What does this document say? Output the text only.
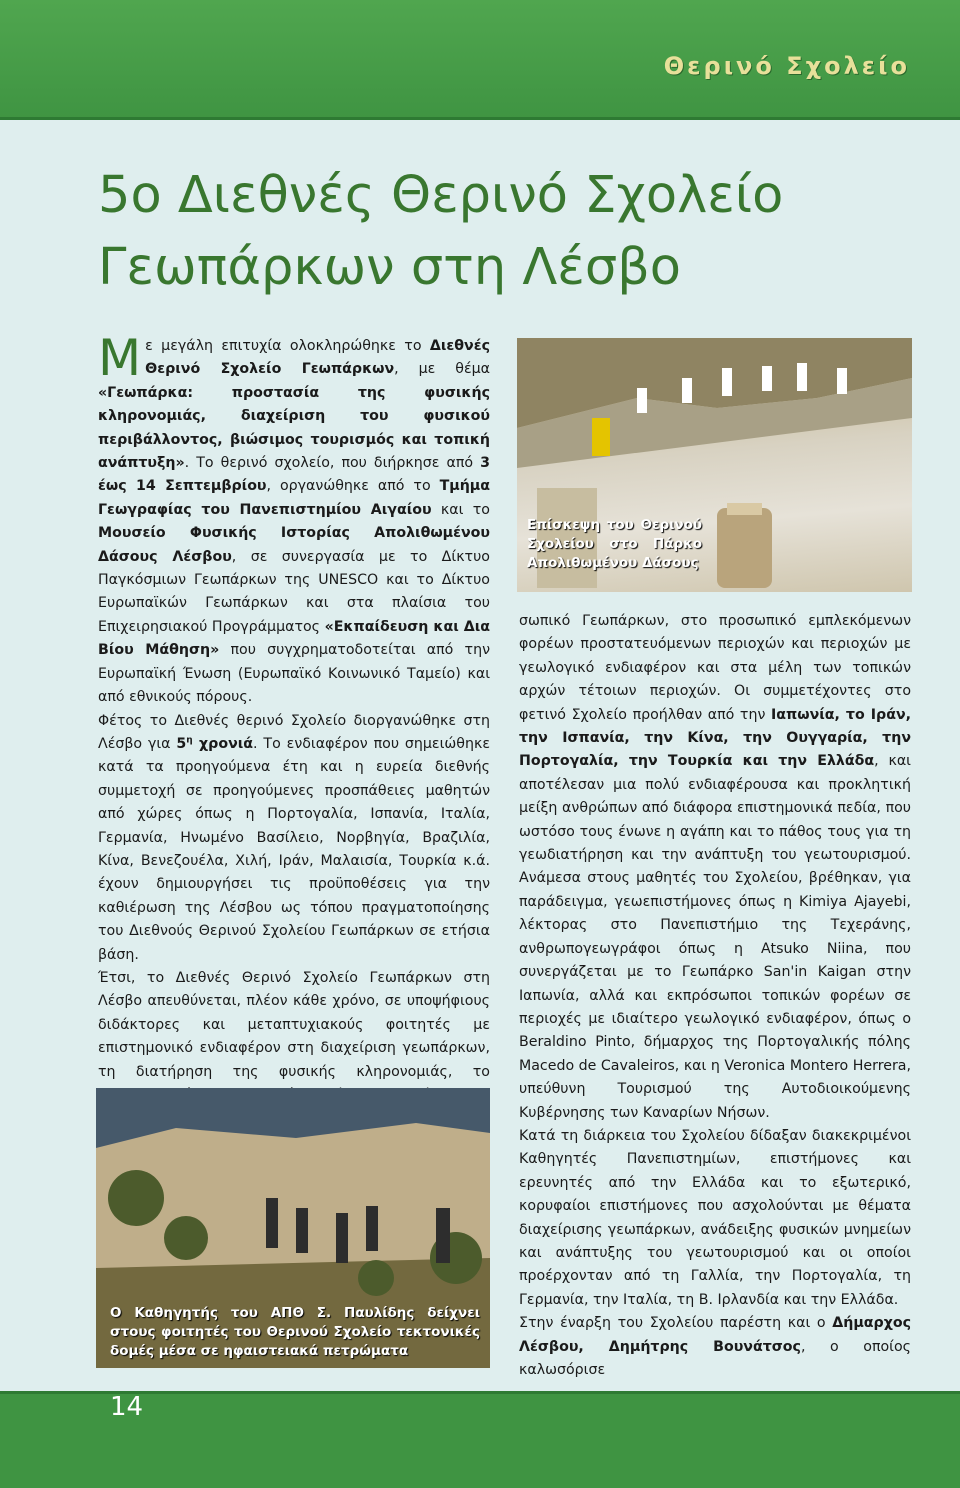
Θερινό Σχολείο
5ο Διεθνές Θερινό Σχολείο
Γεωπάρκων στη Λέσβο

Με μεγάλη επιτυχία ολοκληρώθηκε το Διεθνές Θερινό Σχολείο Γεωπάρκων, με θέμα «Γεωπάρκα: προστασία της φυσικής κληρονομιάς, διαχείριση του φυσικού περιβάλλοντος, βιώσιμος τουρισμός και τοπική ανάπτυξη». Το θερινό σχολείο, που διήρκησε από 3 έως 14 Σεπτεμβρίου, οργανώθηκε από το Τμήμα Γεωγραφίας του Πανεπιστημίου Αιγαίου και το Μουσείο Φυσικής Ιστορίας Απολιθωμένου Δάσους Λέσβου, σε συνεργασία με το Δίκτυο Παγκόσμιων Γεωπάρκων της UNESCO και το Δίκτυο Ευρωπαϊκών Γεωπάρκων και στα πλαίσια του Επιχειρησιακού Προγράμματος «Εκπαίδευση και Δια Βίου Μάθηση» που συγχρηματοδοτείται από την Ευρωπαϊκή Ένωση (Ευρωπαϊκό Κοινωνικό Ταμείο) και από εθνικούς πόρους.

Φέτος το Διεθνές θερινό Σχολείο διοργανώθηκε στη Λέσβο για $5^\eta$ χρονιά. Το ενδιαφέρον που σημειώθηκε κατά τα προηγούμενα έτη και η ευρεία διεθνής συμμετοχή σε προηγούμενες προσπάθειες μαθητών από χώρες όπως η Πορτογαλία, Ισπανία, Ιταλία, Γερμανία, Ηνωμένο Βασίλειο, Νορβηγία, Βραζιλία, Κίνα, Βενεζουέλα, Χιλή, Ιράν, Μαλαισία, Τουρκία κ.ά. έχουν δημιουργήσει τις προϋποθέσεις για την καθιέρωση της Λέσβου ως τόπου πραγματοποίησης του Διεθνούς Θερινού Σχολείου Γεωπάρκων σε ετήσια βάση.

Έτσι, το Διεθνές Θερινό Σχολείο Γεωπάρκων στη Λέσβο απευθύνεται, πλέον κάθε χρόνο, σε υποψήφιους διδάκτορες και μεταπτυχιακούς φοιτητές με επιστημονικό ενδιαφέρον στη διαχείριση γεωπάρκων, τη διατήρηση της φυσικής κληρονομιάς, το

Επίσκεψη του Θερινού Σχολείου στο Πάρκο Απολιθωμένου Δάσους
Ο Καθηγητής του ΑΠΘ Σ. Παυλίδης δείχνει στους φοιτητές του Θερινού Σχολείο τεκτονικές δομές μέσα σε ηφαιστειακά πετρώματα

σωπικό Γεωπάρκων, στο προσωπικό εμπλεκόμενων φορέων προστατευόμενων περιοχών και περιοχών με γεωλογικό ενδιαφέρον και στα μέλη των τοπικών αρχών τέτοιων περιοχών. Οι συμμετέχοντες στο φετινό Σχολείο προήλθαν από την Ιαπωνία, το Ιράν, την Ισπανία, την Κίνα, την Ουγγαρία, την Πορτογαλία, την Τουρκία και την Ελλάδα, και αποτέλεσαν μια πολύ ενδιαφέρουσα και προκλητική μείξη ανθρώπων από διάφορα επιστημονικά πεδία, που ωστόσο τους ένωνε η αγάπη και το πάθος τους για τη γεωδιατήρηση και την ανάπτυξη του γεωτουρισμού. Ανάμεσα στους μαθητές του Σχολείου, βρέθηκαν, για παράδειγμα, γεωεπιστήμονες όπως η Kimiya Ajayebi, λέκτορας στο Πανεπιστήμιο της Τεχεράνης, ανθρωπογεωγράφοι όπως η Atsuko Niina, που συνεργάζεται με το Γεωπάρκο San'in Kaigan στην Ιαπωνία, αλλά και εκπρόσωποι τοπικών φορέων σε περιοχές με ιδιαίτερο γεωλογικό ενδιαφέρον, όπως ο Beraldino Pinto, δήμαρχος της Πορτογαλικής πόλης Macedo de Cavaleiros, και η Veronica Montero Herrera, υπεύθυνη Τουρισμού της Αυτοδιοικούμενης Κυβέρνησης των Καναρίων Νήσων.

Κατά τη διάρκεια του Σχολείου δίδαξαν διακεκριμένοι Καθηγητές Πανεπιστημίων, επιστήμονες και ερευνητές από την Ελλάδα και το εξωτερικό, κορυφαίοι επιστήμονες που ασχολούνται με θέματα διαχείρισης γεωπάρκων, ανάδειξης φυσικών μνημείων και ανάπτυξης του γεωτουρισμού και οι οποίοι προέρχονταν από τη Γαλλία, την Πορτογαλία, τη Γερμανία, την Ιταλία, τη Β. Ιρλανδία και την Ελλάδα.

Στην έναρξη του Σχολείου παρέστη και ο Δήμαρχος Λέσβου, Δημήτρης Βουνάτσος, ο οποίος καλωσόρισε

14
